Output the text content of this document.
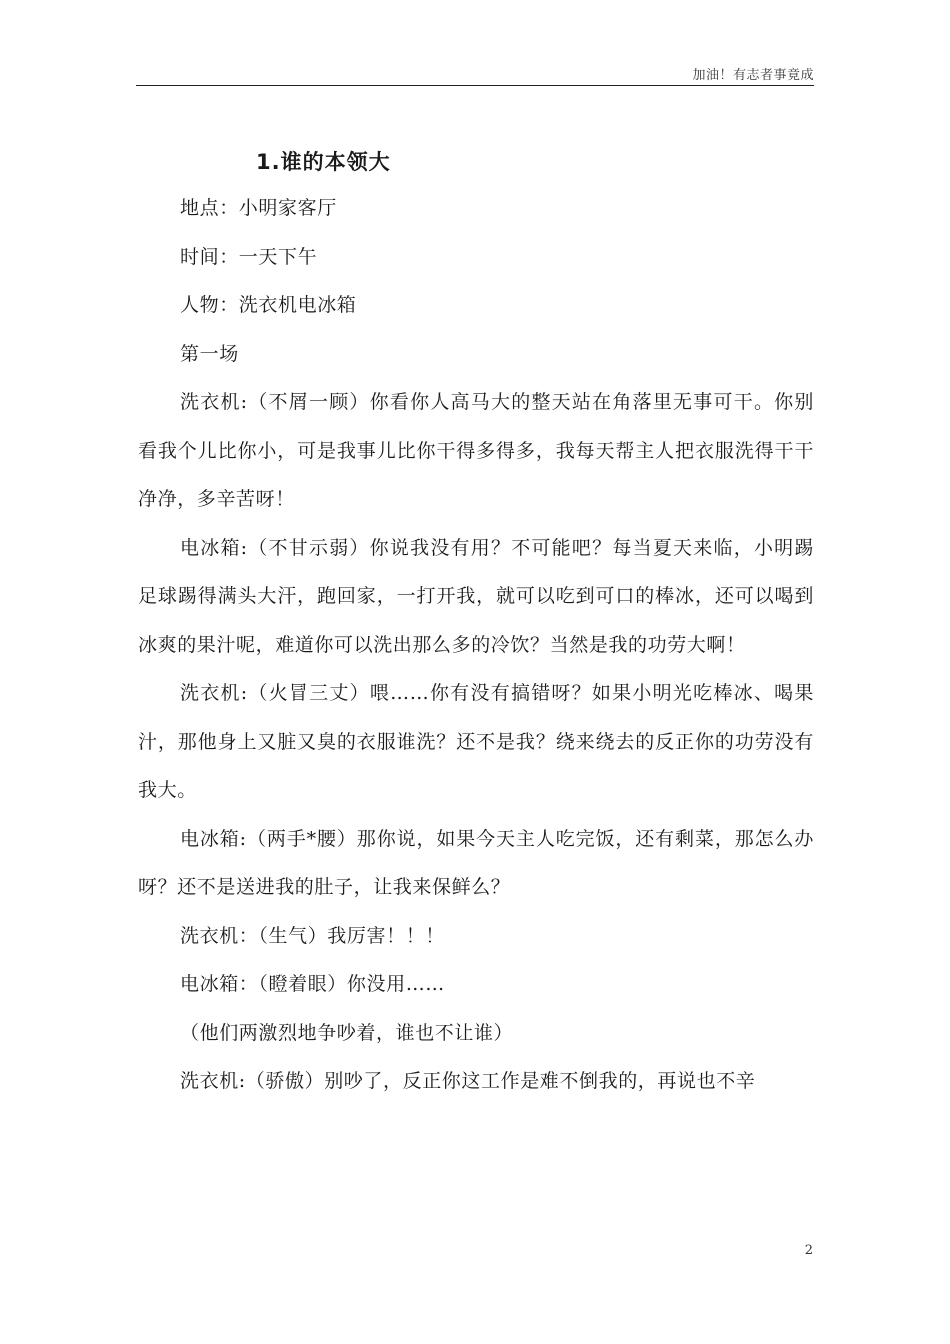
加油！有志者事竟成
1.谁的本领大

地点：小明家客厅

时间：一天下午

人物：洗衣机电冰箱

第一场

洗衣机:（不屑一顾）你看你人高马大的整天站在角落里无事可干。你别看我个儿比你小，可是我事儿比你干得多得多，我每天帮主人把衣服洗得干干净净，多辛苦呀！

电冰箱:（不甘示弱）你说我没有用？不可能吧？每当夏天来临，小明踢足球踢得满头大汗，跑回家，一打开我，就可以吃到可口的棒冰，还可以喝到冰爽的果汁呢，难道你可以洗出那么多的冷饮？当然是我的功劳大啊！

洗衣机:（火冒三丈）喂……你有没有搞错呀？如果小明光吃棒冰、喝果汁，那他身上又脏又臭的衣服谁洗？还不是我？绕来绕去的反正你的功劳没有我大。

电冰箱:（两手*腰）那你说，如果今天主人吃完饭，还有剩菜，那怎么办呀？还不是送进我的肚子，让我来保鲜么？

洗衣机：（生气）我厉害！！！

电冰箱：（瞪着眼）你没用……

（他们两激烈地争吵着，谁也不让谁）

洗衣机:（骄傲）别吵了，反正你这工作是难不倒我的，再说也不辛

2
